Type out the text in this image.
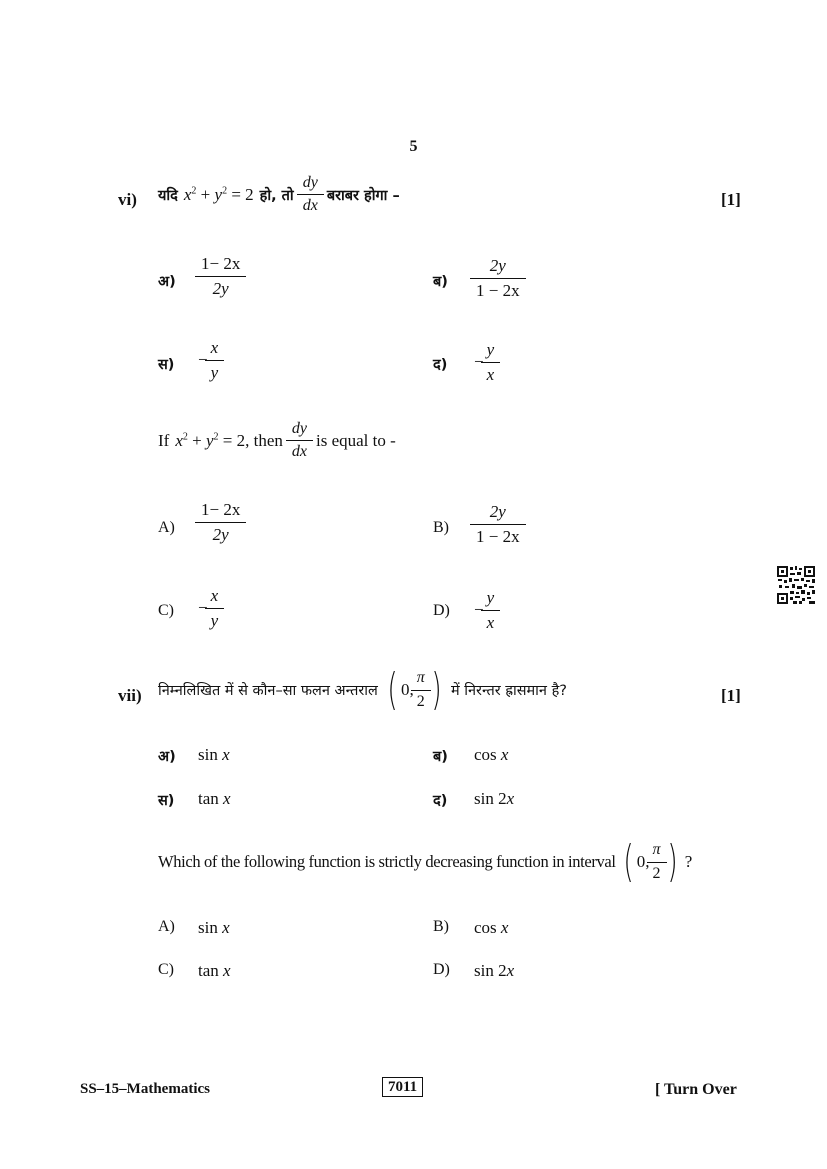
5
vi) यदि $x^2 + y^2 = 2$ हो, तो $\frac{dy}{dx}$ बराबर होगा –	[1]
अ) $\frac{1- 2x}{2y}$	ब) $\frac{2y}{1 - 2x}$
स) − $\frac{x}{y}$	द) − $\frac{y}{x}$
If $x^2 + y^2 = 2$, then $\frac{dy}{dx}$ is equal to -
$A) \frac{1- 2x}{2y}$	$B) \frac{2y}{1 - 2x}$
$C) - \frac{x}{y}$	$D) - \frac{y}{x}$
vii) निम्नलिखित में से कौन–सा फलन अन्तराल ( 0, $\frac{\pi}{2}$ ) में निरन्तर ह्रासमान है?	[1]
अ) sin x	ब) cos x
स) tan x	द) sin 2x
Which of the following function is strictly decreasing function in interval ( 0, $\frac{\pi}{2}$ ) ?
A) sin x	B) cos x
C) tan x	D) sin 2x
SS–15–Mathematics	7011	[ Turn Over
